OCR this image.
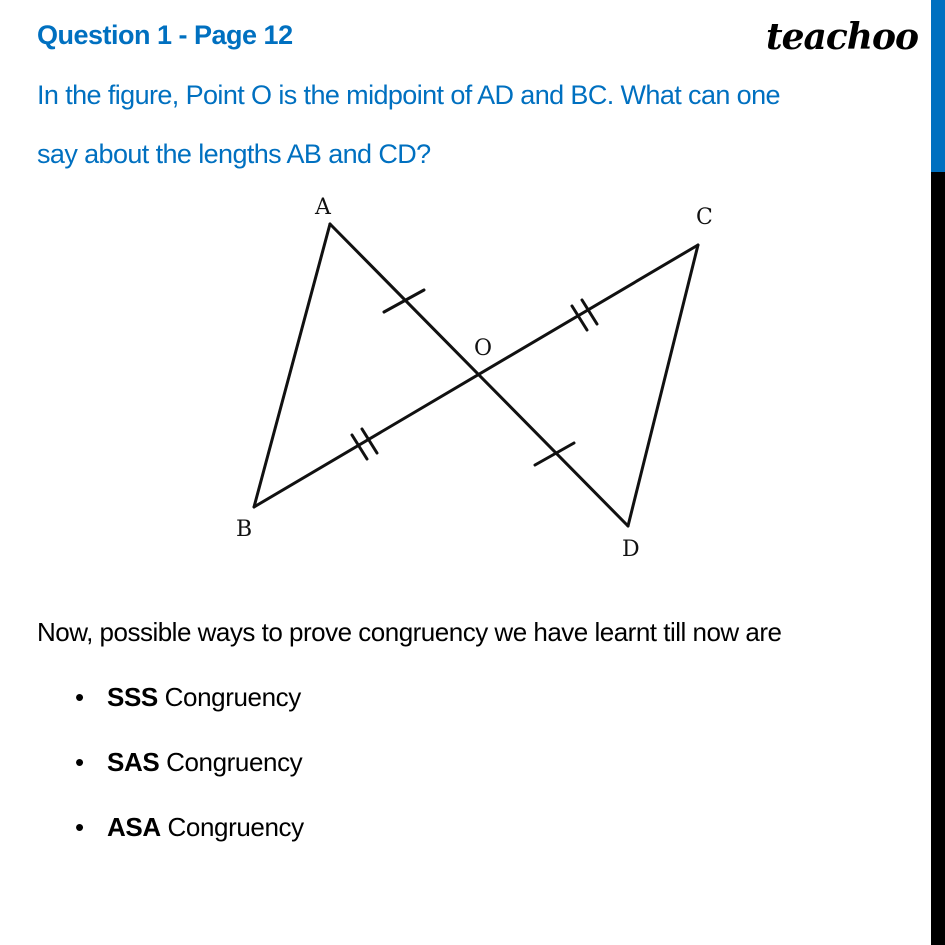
Question 1 - Page 12	teachoo
In the figure, Point O is the midpoint of AD and BC. What can one
say about the lengths AB and CD?
A
B
C
D
O
Now, possible ways to prove congruency we have learnt till now are
• SSS Congruency
• SAS Congruency
• ASA Congruency
